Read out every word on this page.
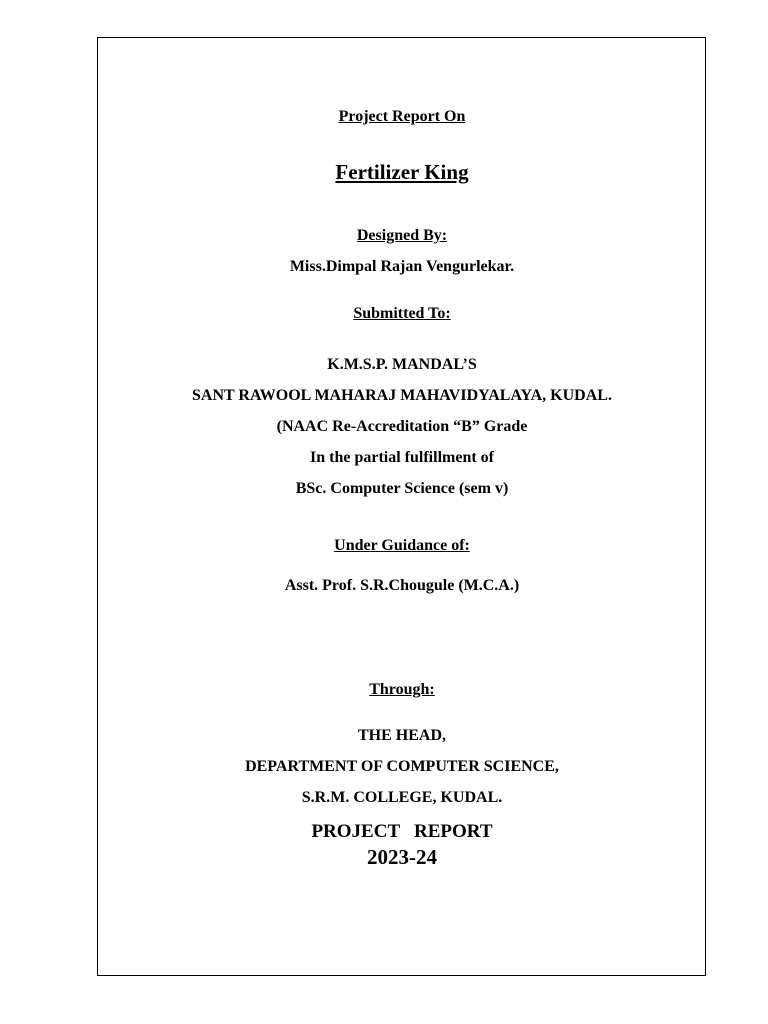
Project Report On
Fertilizer King
Designed By:
Miss.Dimpal Rajan Vengurlekar.
Submitted To:
K.M.S.P. MANDAL’S
SANT RAWOOL MAHARAJ MAHAVIDYALAYA, KUDAL.
(NAAC Re-Accreditation “B” Grade
In the partial fulfillment of
BSc. Computer Science (sem v)
Under Guidance of:
Asst. Prof. S.R.Chougule (M.C.A.)
Through:
THE HEAD,
DEPARTMENT OF COMPUTER SCIENCE,
S.R.M. COLLEGE, KUDAL.
PROJECT   REPORT
2023-24
